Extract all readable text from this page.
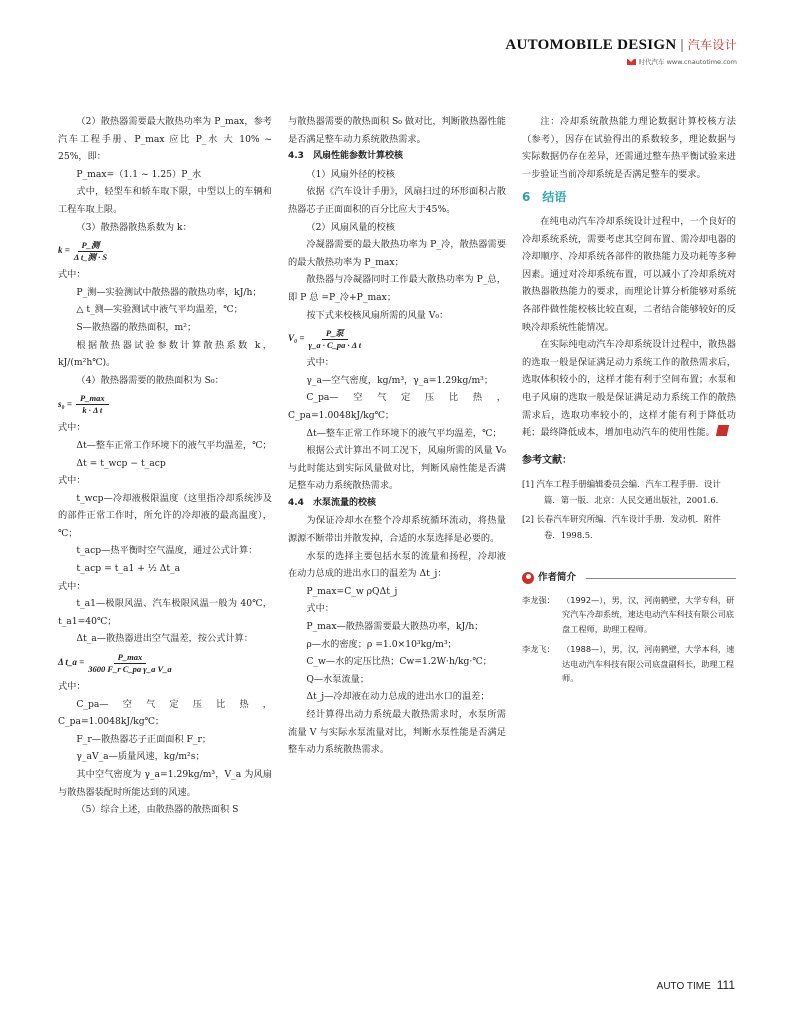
AUTOMOBILE DESIGN | 汽车设计
时代汽车 www.cnautotime.com

（2）散热器需要最大散热功率为 P_max，参考汽车工程手册、P_max 应比 P_水 大 10% ~ 25%，即：

P_max=（1.1 ~ 1.25）P_水

式中，轻型车和轿车取下限，中型以上的车辆和工程车取上限。

（3）散热器散热系数为 k：

$k = \frac{\text{P\_测}}{\text{Δ t\_测 · S}}$

式中：

P_测—实验测试中散热器的散热功率，kJ/h；

△ t_测—实验测试中液气平均温差，℃；

S—散热器的散热面积，m²；

根据散热器试验参数计算散热系数 k，kJ/(m²h℃)。

（4）散热器需要的散热面积为 S₀：

$s_0 = \frac{P\_\max}{\text{k · Δ t}}$

式中：

Δt—整车正常工作环境下的液气平均温差，℃；

Δt = t_wcp − t_acp

式中：

t_wcp—冷却液极限温度（这里指冷却系统涉及的部件正常工作时，所允许的冷却液的最高温度），℃；

t_acp—热平衡时空气温度，通过公式计算：

t_acp = t_a1 + ½ Δt_a

式中：

t_a1—极限风温、汽车极限风温一般为 40℃，t_a1=40℃；

Δt_a—散热器进出空气温差，按公式计算：

Δ t_a = $\frac{P\_\max}{\text{3600 F\_r C\_pa γ\_a V\_a}}$

式中：

C_pa—空气定压比热，C_pa=1.0048kJ/kg℃；

F_r—散热器芯子正面面积 F_r；

γ_aV_a—质量风速，kg/m²s；

其中空气密度为 γ_a=1.29kg/m³，V_a 为风扇与散热器装配时所能达到的风速。

（5）综合上述，由散热器的散热面积 S

与散热器需要的散热面积 S₀ 做对比，判断散热器性能是否满足整车动力系统散热需求。

4.3　风扇性能参数计算校核

（1）风扇外径的校核

依据《汽车设计手册》，风扇扫过的环形面积占散热器芯子正面面积的百分比应大于45%。

（2）风扇风量的校核

冷凝器需要的最大散热功率为 P_冷，散热器需要的最大散热功率为 P_max；

散热器与冷凝器同时工作最大散热功率为 P_总，即 P 总 =P_冷+P_max；

按下式来校核风扇所需的风量 V₀：

$V_0 = \frac{\text{P\_泵}}{\text{γ\_a · C\_pa · Δ t}}$

式中：

γ_a—空气密度，kg/m³，γ_a=1.29kg/m³；

C_pa—空气定压比热，C_pa=1.0048kJ/kg℃；

Δt—整车正常工作环境下的液气平均温差，℃；

根据公式计算出不同工况下，风扇所需的风量 V₀ 与此时能达到实际风量做对比，判断风扇性能是否满足整车动力系统散热需求。

4.4　水泵流量的校核

为保证冷却水在整个冷却系统循环流动，将热量源源不断带出并散发掉，合适的水泵选择是必要的。

水泵的选择主要包括水泵的流量和扬程，冷却液在动力总成的进出水口的温差为 Δt_j：

P_max=C_w ρQΔt_j

式中：

P_max—散热器需要最大散热功率，kJ/h；

ρ—水的密度；ρ =1.0×10³kg/m³；

C_w—水的定压比热；Cw=1.2W·h/kg·℃；

Q—水泵流量；

Δt_j—冷却液在动力总成的进出水口的温差；

经计算得出动力系统最大散热需求时，水泵所需流量 V 与实际水泵流量对比，判断水泵性能是否满足整车动力系统散热需求。

注：冷却系统散热能力理论数据计算校核方法（参考），因存在试验得出的系数较多，理论数据与实际数据仍存在差异，还需通过整车热平衡试验来进一步验证当前冷却系统是否满足整车的要求。

6　结语

在纯电动汽车冷却系统设计过程中，一个良好的冷却系统系统，需要考虑其空间布置、需冷却电器的冷却顺序、冷却系统各部件的散热能力及功耗等多种因素。通过对冷却系统布置，可以减小了冷却系统对散热器散热能力的要求，而理论计算分析能够对系统各部件做性能校核比较直观，二者结合能够较好的反映冷却系统性能情况。

在实际纯电动汽车冷却系统设计过程中，散热器的选取一般是保证满足动力系统工作的散热需求后，选取体积较小的，这样才能有利于空间布置；水泵和电子风扇的选取一般是保证满足动力系统工作的散热需求后，选取功率较小的，这样才能有利于降低功耗；最终降低成本，增加电动汽车的使用性能。

参考文献：
[1] 汽车工程手册编辑委员会编．汽车工程手册．设计篇．第一版．北京：人民交通出版社，2001.6.
[2] 长春汽车研究所编．汽车设计手册．发动机．附件卷．1998.5.
作者简介
李龙强： （1992—），男，汉，河南鹤壁，大学专科，研究汽车冷却系统，速达电动汽车科技有限公司底盘工程师，助理工程师。
李龙飞： （1988—），男，汉，河南鹤壁，大学本科，速达电动汽车科技有限公司底盘副科长，助理工程师。
AUTO TIME 111
